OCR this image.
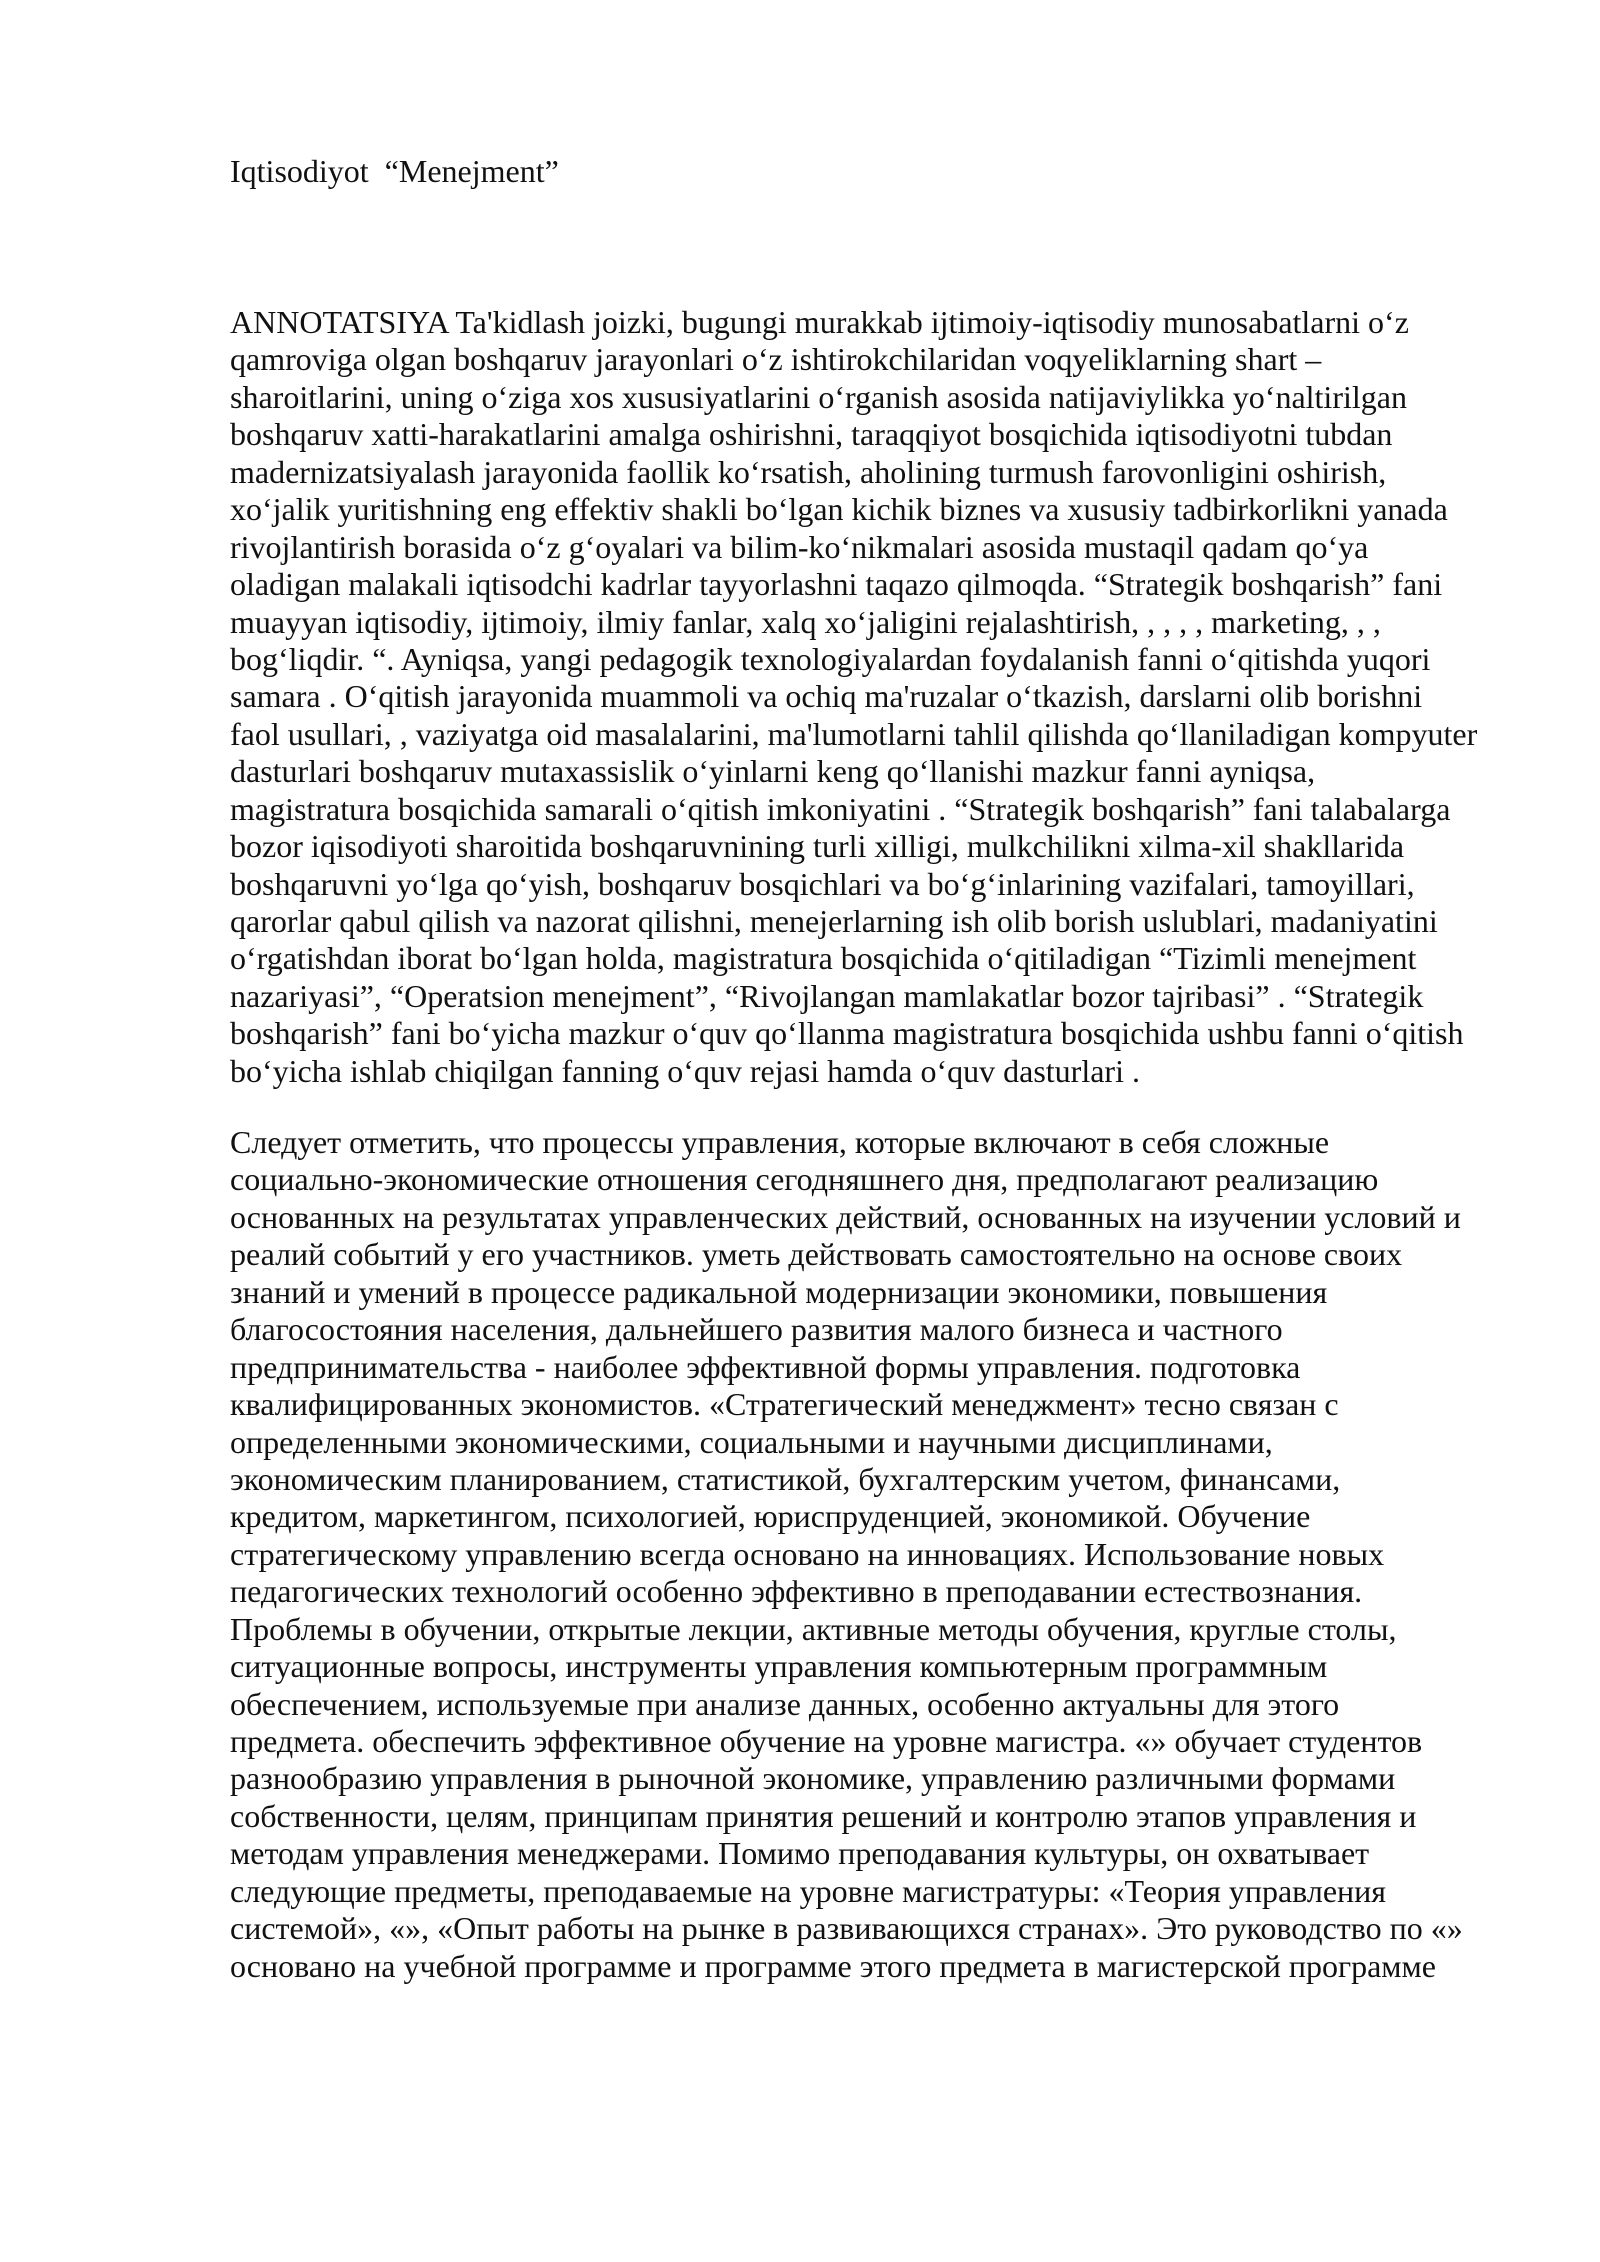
Iqtisodiyot  “Menejment”
ANNOTATSIYA Ta'kidlash joizki, bugungi murakkab ijtimoiy-iqtisodiy munosabatlarni oʻz
qamroviga olgan boshqaruv jarayonlari oʻz ishtirokchilaridan voqyeliklarning shart –
sharoitlarini, uning oʻziga xos xususiyatlarini oʻrganish asosida natijaviylikka yoʻnaltirilgan
boshqaruv xatti-harakatlarini amalga oshirishni, taraqqiyot bosqichida iqtisodiyotni tubdan
madernizatsiyalash jarayonida faollik koʻrsatish, aholining turmush farovonligini oshirish,
xoʻjalik yuritishning eng effektiv shakli boʻlgan kichik biznes va xususiy tadbirkorlikni yanada
rivojlantirish borasida oʻz gʻoyalari va bilim-koʻnikmalari asosida mustaqil qadam qoʻya
oladigan malakali iqtisodchi kadrlar tayyorlashni taqazo qilmoqda. “Strategik boshqarish” fani
muayyan iqtisodiy, ijtimoiy, ilmiy fanlar, xalq xoʻjaligini rejalashtirish, , , , , marketing, , ,
bogʻliqdir. “. Ayniqsa, yangi pedagogik texnologiyalardan foydalanish fanni oʻqitishda yuqori
samara . Oʻqitish jarayonida muammoli va ochiq ma'ruzalar oʻtkazish, darslarni olib borishni
faol usullari, , vaziyatga oid masalalarini, ma'lumotlarni tahlil qilishda qoʻllaniladigan kompyuter
dasturlari boshqaruv mutaxassislik oʻyinlarni keng qoʻllanishi mazkur fanni ayniqsa,
magistratura bosqichida samarali oʻqitish imkoniyatini . “Strategik boshqarish” fani talabalarga
bozor iqisodiyoti sharoitida boshqaruvnining turli xilligi, mulkchilikni xilma-xil shakllarida
boshqaruvni yoʻlga qoʻyish, boshqaruv bosqichlari va boʻgʻinlarining vazifalari, tamoyillari,
qarorlar qabul qilish va nazorat qilishni, menejerlarning ish olib borish uslublari, madaniyatini
oʻrgatishdan iborat boʻlgan holda, magistratura bosqichida oʻqitiladigan “Tizimli menejment
nazariyasi”, “Operatsion menejment”, “Rivojlangan mamlakatlar bozor tajribasi” . “Strategik
boshqarish” fani boʻyicha mazkur oʻquv qoʻllanma magistratura bosqichida ushbu fanni oʻqitish
boʻyicha ishlab chiqilgan fanning oʻquv rejasi hamda oʻquv dasturlari .
Следует отметить, что процессы управления, которые включают в себя сложные
социально-экономические отношения сегодняшнего дня, предполагают реализацию
основанных на результатах управленческих действий, основанных на изучении условий и
реалий событий у его участников. уметь действовать самостоятельно на основе своих
знаний и умений в процессе радикальной модернизации экономики, повышения
благосостояния населения, дальнейшего развития малого бизнеса и частного
предпринимательства - наиболее эффективной формы управления. подготовка
квалифицированных экономистов. «Стратегический менеджмент» тесно связан с
определенными экономическими, социальными и научными дисциплинами,
экономическим планированием, статистикой, бухгалтерским учетом, финансами,
кредитом, маркетингом, психологией, юриспруденцией, экономикой. Обучение
стратегическому управлению всегда основано на инновациях. Использование новых
педагогических технологий особенно эффективно в преподавании естествознания.
Проблемы в обучении, открытые лекции, активные методы обучения, круглые столы,
ситуационные вопросы, инструменты управления компьютерным программным
обеспечением, используемые при анализе данных, особенно актуальны для этого
предмета. обеспечить эффективное обучение на уровне магистра. «» обучает студентов
разнообразию управления в рыночной экономике, управлению различными формами
собственности, целям, принципам принятия решений и контролю этапов управления и
методам управления менеджерами. Помимо преподавания культуры, он охватывает
следующие предметы, преподаваемые на уровне магистратуры: «Теория управления
системой», «», «Опыт работы на рынке в развивающихся странах». Это руководство по «»
основано на учебной программе и программе этого предмета в магистерской программе
